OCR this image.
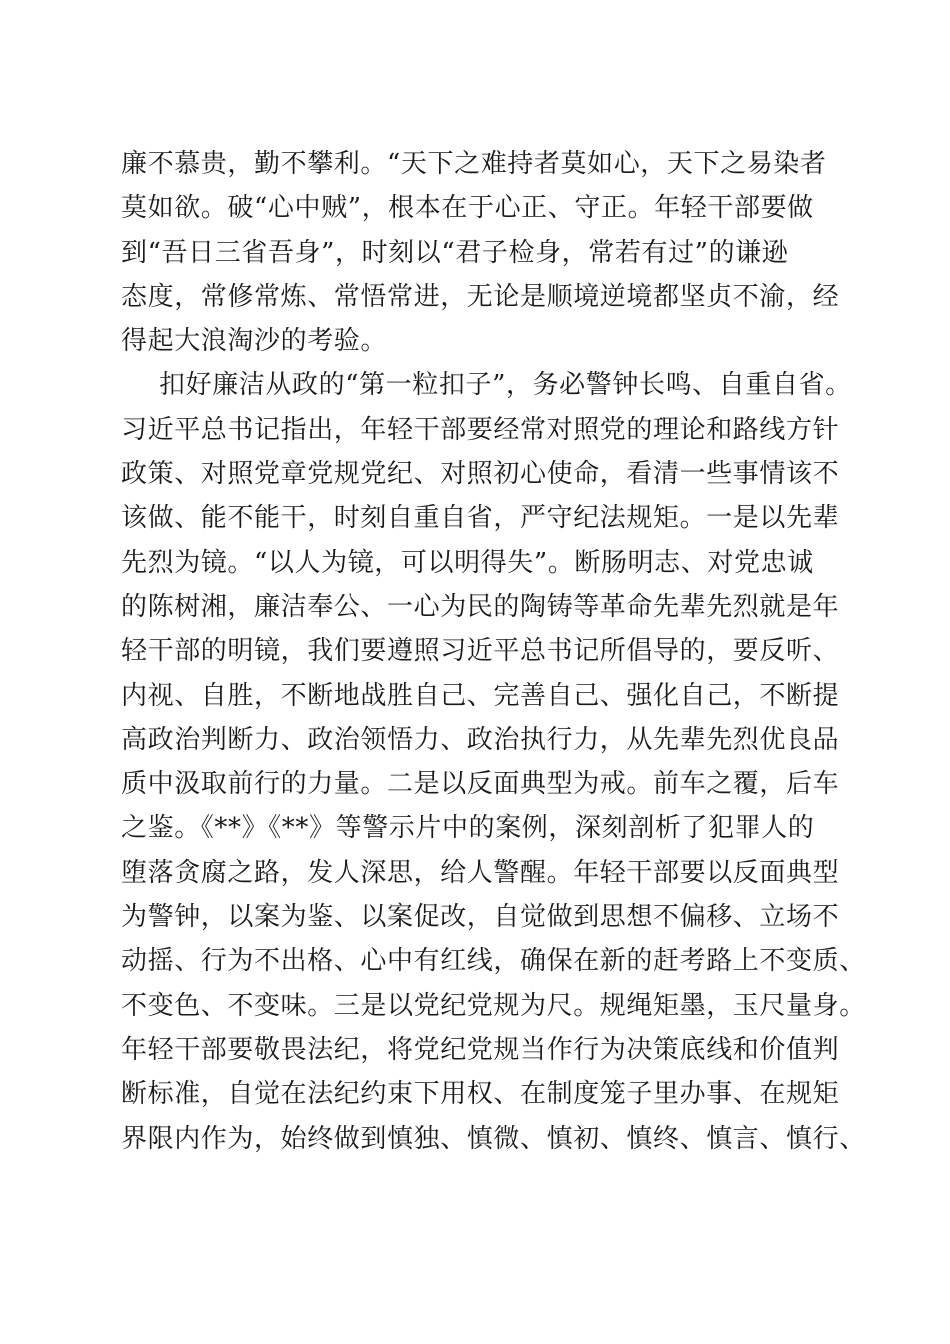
廉不慕贵，勤不攀利。“天下之难持者莫如心，天下之易染者
莫如欲。破“心中贼”，根本在于心正、守正。年轻干部要做
到“吾日三省吾身”，时刻以“君子检身，常若有过”的谦逊
态度，常修常炼、常悟常进，无论是顺境逆境都坚贞不渝，经
得起大浪淘沙的考验。
扣好廉洁从政的“第一粒扣子”，务必警钟长鸣、自重自省。
习近平总书记指出，年轻干部要经常对照党的理论和路线方针
政策、对照党章党规党纪、对照初心使命，看清一些事情该不
该做、能不能干，时刻自重自省，严守纪法规矩。一是以先辈
先烈为镜。“以人为镜，可以明得失”。断肠明志、对党忠诚
的陈树湘，廉洁奉公、一心为民的陶铸等革命先辈先烈就是年
轻干部的明镜，我们要遵照习近平总书记所倡导的，要反听、
内视、自胜，不断地战胜自己、完善自己、强化自己，不断提
高政治判断力、政治领悟力、政治执行力，从先辈先烈优良品
质中汲取前行的力量。二是以反面典型为戒。前车之覆，后车
之鉴。《**》《**》等警示片中的案例，深刻剖析了犯罪人的
堕落贪腐之路，发人深思，给人警醒。年轻干部要以反面典型
为警钟，以案为鉴、以案促改，自觉做到思想不偏移、立场不
动摇、行为不出格、心中有红线，确保在新的赶考路上不变质、
不变色、不变味。三是以党纪党规为尺。规绳矩墨，玉尺量身。
年轻干部要敬畏法纪，将党纪党规当作行为决策底线和价值判
断标准，自觉在法纪约束下用权、在制度笼子里办事、在规矩
界限内作为，始终做到慎独、慎微、慎初、慎终、慎言、慎行、
